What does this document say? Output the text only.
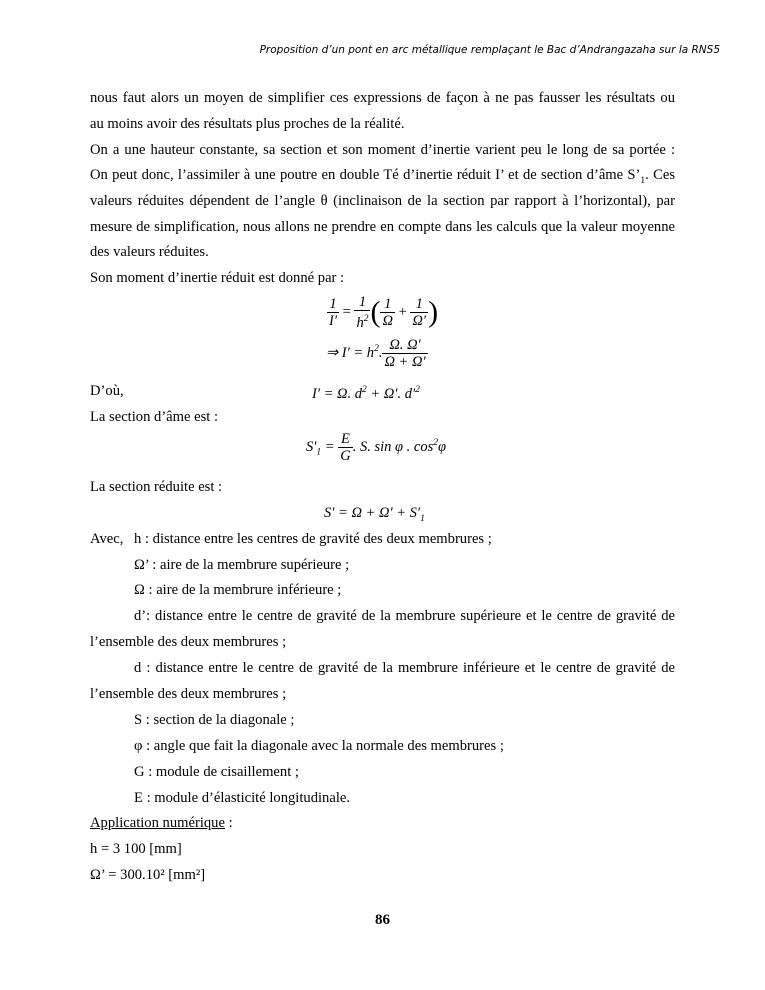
Proposition d’un pont en arc métallique remplaçant le Bac d’Andrangazaha sur la RNS5
nous faut alors un moyen de simplifier ces expressions de façon à ne pas fausser les résultats ou
au moins avoir des résultats plus proches de la réalité.
On a une hauteur constante, sa section et son moment d’inertie varient peu le long de sa portée :
On peut donc, l’assimiler à une poutre en double Té d’inertie réduit I’ et de section d’âme $S’_1$. Ces
valeurs réduites dépendent de l’angle θ (inclinaison de la section par rapport à l’horizontal), par
mesure de simplification, nous allons ne prendre en compte dans les calculs que la valeur moyenne
des valeurs réduites.
Son moment d’inertie réduit est donné par :
$\frac{1}{I'} = \frac{1}{h^2}$ ( $\frac{1}{\Omega} + \frac{1}{\Omega'}$ )
⇒ $I' = h^2$. $\frac{\Omega. \Omega'}{\Omega + \Omega'}$
D’où,	I′ = Ω. $d^2 + \Omega'$. $d'^2$
La section d’âme est :
$S'_1 = \frac{E}{G}$ . S. sin φ . $\cos^2\varphi$
La section réduite est :
$S' = \Omega + \Omega' + S'_1$
Avec, h : distance entre les centres de gravité des deux membrures ;
Ω’ : aire de la membrure supérieure ;
Ω : aire de la membrure inférieure ;
d’: distance entre le centre de gravité de la membrure supérieure et le centre de gravité de
l’ensemble des deux membrures ;
d : distance entre le centre de gravité de la membrure inférieure et le centre de gravité de
l’ensemble des deux membrures ;
S : section de la diagonale ;
φ : angle que fait la diagonale avec la normale des membrures ;
G : module de cisaillement ;
E : module d’élasticité longitudinale.
Application numérique :
h = 3 100 [mm]
Ω’ = 300.10² [mm²]
86
